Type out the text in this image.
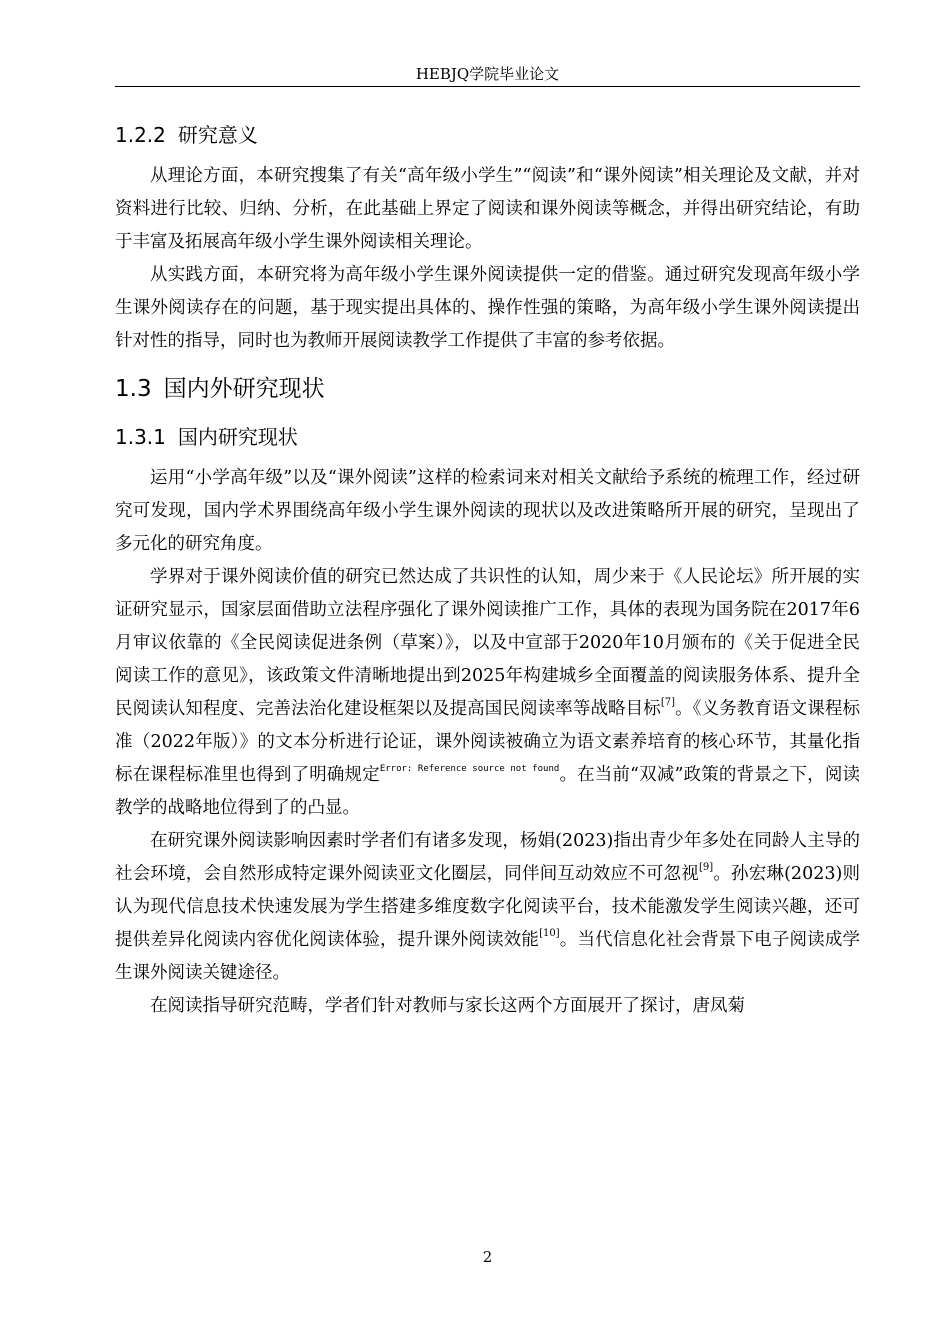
HEBJQ学院毕业论文
1.2.2 研究意义

从理论方面，本研究搜集了有关“高年级小学生”“阅读”和“课外阅读”相关理论及文献，并对资料进行比较、归纳、分析，在此基础上界定了阅读和课外阅读等概念，并得出研究结论，有助于丰富及拓展高年级小学生课外阅读相关理论。

从实践方面，本研究将为高年级小学生课外阅读提供一定的借鉴。通过研究发现高年级小学生课外阅读存在的问题，基于现实提出具体的、操作性强的策略，为高年级小学生课外阅读提出针对性的指导，同时也为教师开展阅读教学工作提供了丰富的参考依据。

1.3 国内外研究现状
1.3.1 国内研究现状

运用“小学高年级”以及“课外阅读”这样的检索词来对相关文献给予系统的梳理工作，经过研究可发现，国内学术界围绕高年级小学生课外阅读的现状以及改进策略所开展的研究，呈现出了多元化的研究角度。

学界对于课外阅读价值的研究已然达成了共识性的认知，周少来于《人民论坛》所开展的实证研究显示，国家层面借助立法程序强化了课外阅读推广工作，具体的表现为国务院在2017年6月审议依靠的《全民阅读促进条例（草案）》，以及中宣部于2020年10月颁布的《关于促进全民阅读工作的意见》，该政策文件清晰地提出到2025年构建城乡全面覆盖的阅读服务体系、提升全民阅读认知程度、完善法治化建设框架以及提高国民阅读率等战略目标[7]。《义务教育语文课程标准（2022年版）》的文本分析进行论证，课外阅读被确立为语文素养培育的核心环节，其量化指标在课程标准里也得到了明确规定$^{Error: Reference source not found}$。在当前“双减”政策的背景之下，阅读教学的战略地位得到了的凸显。

在研究课外阅读影响因素时学者们有诸多发现，杨娟(2023)指出青少年多处在同龄人主导的社会环境，会自然形成特定课外阅读亚文化圈层，同伴间互动效应不可忽视[9]。孙宏琳(2023)则认为现代信息技术快速发展为学生搭建多维度数字化阅读平台，技术能激发学生阅读兴趣，还可提供差异化阅读内容优化阅读体验，提升课外阅读效能[10]。当代信息化社会背景下电子阅读成学生课外阅读关键途径。

在阅读指导研究范畴，学者们针对教师与家长这两个方面展开了探讨，唐凤菊

2
